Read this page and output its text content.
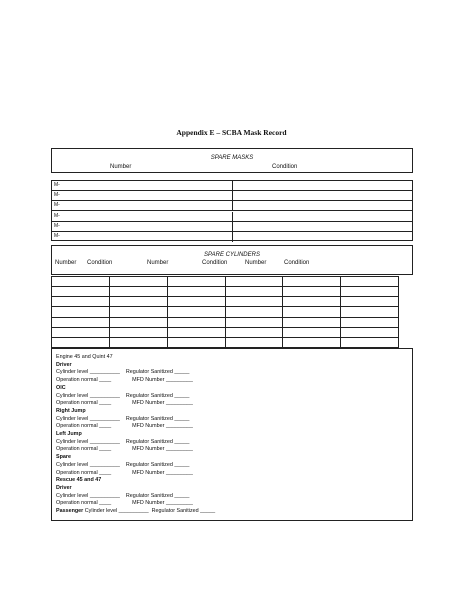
Appendix E – SCBA Mask Record
SPARE MASKS
Number	Condition
M-
M-
M-
M-
M-
M-
SPARE CYLINDERS
Number Condition	Number	Condition	Number	Condition
Engine 45 and Quint 47
Driver
Cylinder level __________    Regulator Sanitized _____
Operation normal ____              MFD Number _________
OIC
Cylinder level __________    Regulator Sanitized _____
Operation normal ____              MFD Number _________
Right Jump
Cylinder level __________    Regulator Sanitized _____
Operation normal ____              MFD Number _________
Left Jump
Cylinder level __________    Regulator Sanitized _____
Operation normal ____              MFD Number _________
Spare
Cylinder level __________    Regulator Sanitized _____
Operation normal ____              MFD Number _________
Rescue 45 and 47
Driver
Cylinder level __________    Regulator Sanitized _____
Operation normal ____              MFD Number _________
Passenger Cylinder level __________  Regulator Sanitized _____
